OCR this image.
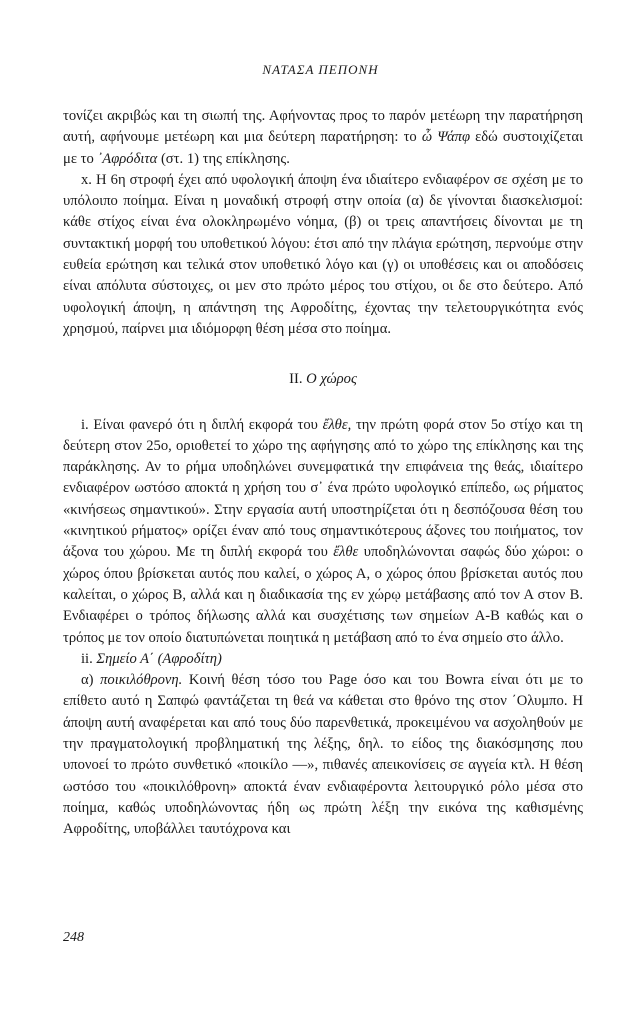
ΝΑΤΑΣΑ ΠΕΠΟΝΗ

τονίζει ακριβώς και τη σιωπή της. Αφήνοντας προς το παρόν μετέωρη την παρατήρηση αυτή, αφήνουμε μετέωρη και μια δεύτερη παρατήρηση: το ὦ Ψάπφ εδώ συστοιχίζεται με το ᾿Αφρόδιτα (στ. 1) της επίκλησης.

x. Η 6η στροφή έχει από υφολογική άποψη ένα ιδιαίτερο ενδιαφέρον σε σχέση με το υπόλοιπο ποίημα. Είναι η μοναδική στροφή στην οποία (α) δε γίνονται διασκελισμοί: κάθε στίχος είναι ένα ολοκληρωμένο νόημα, (β) οι τρεις απαντήσεις δίνονται με τη συντακτική μορφή του υποθετικού λόγου: έτσι από την πλάγια ερώτηση, περνούμε στην ευθεία ερώτηση και τελικά στον υποθετικό λόγο και (γ) οι υποθέσεις και οι αποδόσεις είναι απόλυτα σύστοιχες, οι μεν στο πρώτο μέρος του στίχου, οι δε στο δεύτερο. Από υφολογική άποψη, η απάντηση της Αφροδίτης, έχοντας την τελετουργικότητα ενός χρησμού, παίρνει μια ιδιόμορφη θέση μέσα στο ποίημα.

II. Ο χώρος

i. Είναι φανερό ότι η διπλή εκφορά του ἔλθε, την πρώτη φορά στον 5ο στίχο και τη δεύτερη στον 25ο, οριοθετεί το χώρο της αφήγησης από το χώρο της επίκλησης και της παράκλησης. Αν το ρήμα υποδηλώνει συνεμφατικά την επιφάνεια της θεάς, ιδιαίτερο ενδιαφέρον ωστόσο αποκτά η χρήση του σ᾿ ένα πρώτο υφολογικό επίπεδο, ως ρήματος «κινήσεως σημαντικού». Στην εργασία αυτή υποστηρίζεται ότι η δεσπόζουσα θέση του «κινητικού ρήματος» ορίζει έναν από τους σημαντικότερους άξονες του ποιήματος, τον άξονα του χώρου. Με τη διπλή εκφορά του ἔλθε υποδηλώνονται σαφώς δύο χώροι: ο χώρος όπου βρίσκεται αυτός που καλεί, ο χώρος Α, ο χώρος όπου βρίσκεται αυτός που καλείται, ο χώρος Β, αλλά και η διαδικασία της εν χώρῳ μετάβασης από τον Α στον Β. Ενδιαφέρει ο τρόπος δήλωσης αλλά και συσχέτισης των σημείων Α-Β καθώς και ο τρόπος με τον οποίο διατυπώνεται ποιητικά η μετάβαση από το ένα σημείο στο άλλο.

ii. Σημείο Α΄ (Αφροδίτη)

α) ποικιλόθρονη. Κοινή θέση τόσο του Page όσο και του Bowra είναι ότι με το επίθετο αυτό η Σαπφώ φαντάζεται τη θεά να κάθεται στο θρόνο της στον ΄Ολυμπο. Η άποψη αυτή αναφέρεται και από τους δύο παρενθετικά, προκειμένου να ασχοληθούν με την πραγματολογική προβληματική της λέξης, δηλ. το είδος της διακόσμησης που υπονοεί το πρώτο συνθετικό «ποικίλο —», πιθανές απεικονίσεις σε αγγεία κτλ. Η θέση ωστόσο του «ποικιλόθρονη» αποκτά έναν ενδιαφέροντα λειτουργικό ρόλο μέσα στο ποίημα, καθώς υποδηλώνοντας ήδη ως πρώτη λέξη την εικόνα της καθισμένης Αφροδίτης, υποβάλλει ταυτόχρονα και

248
